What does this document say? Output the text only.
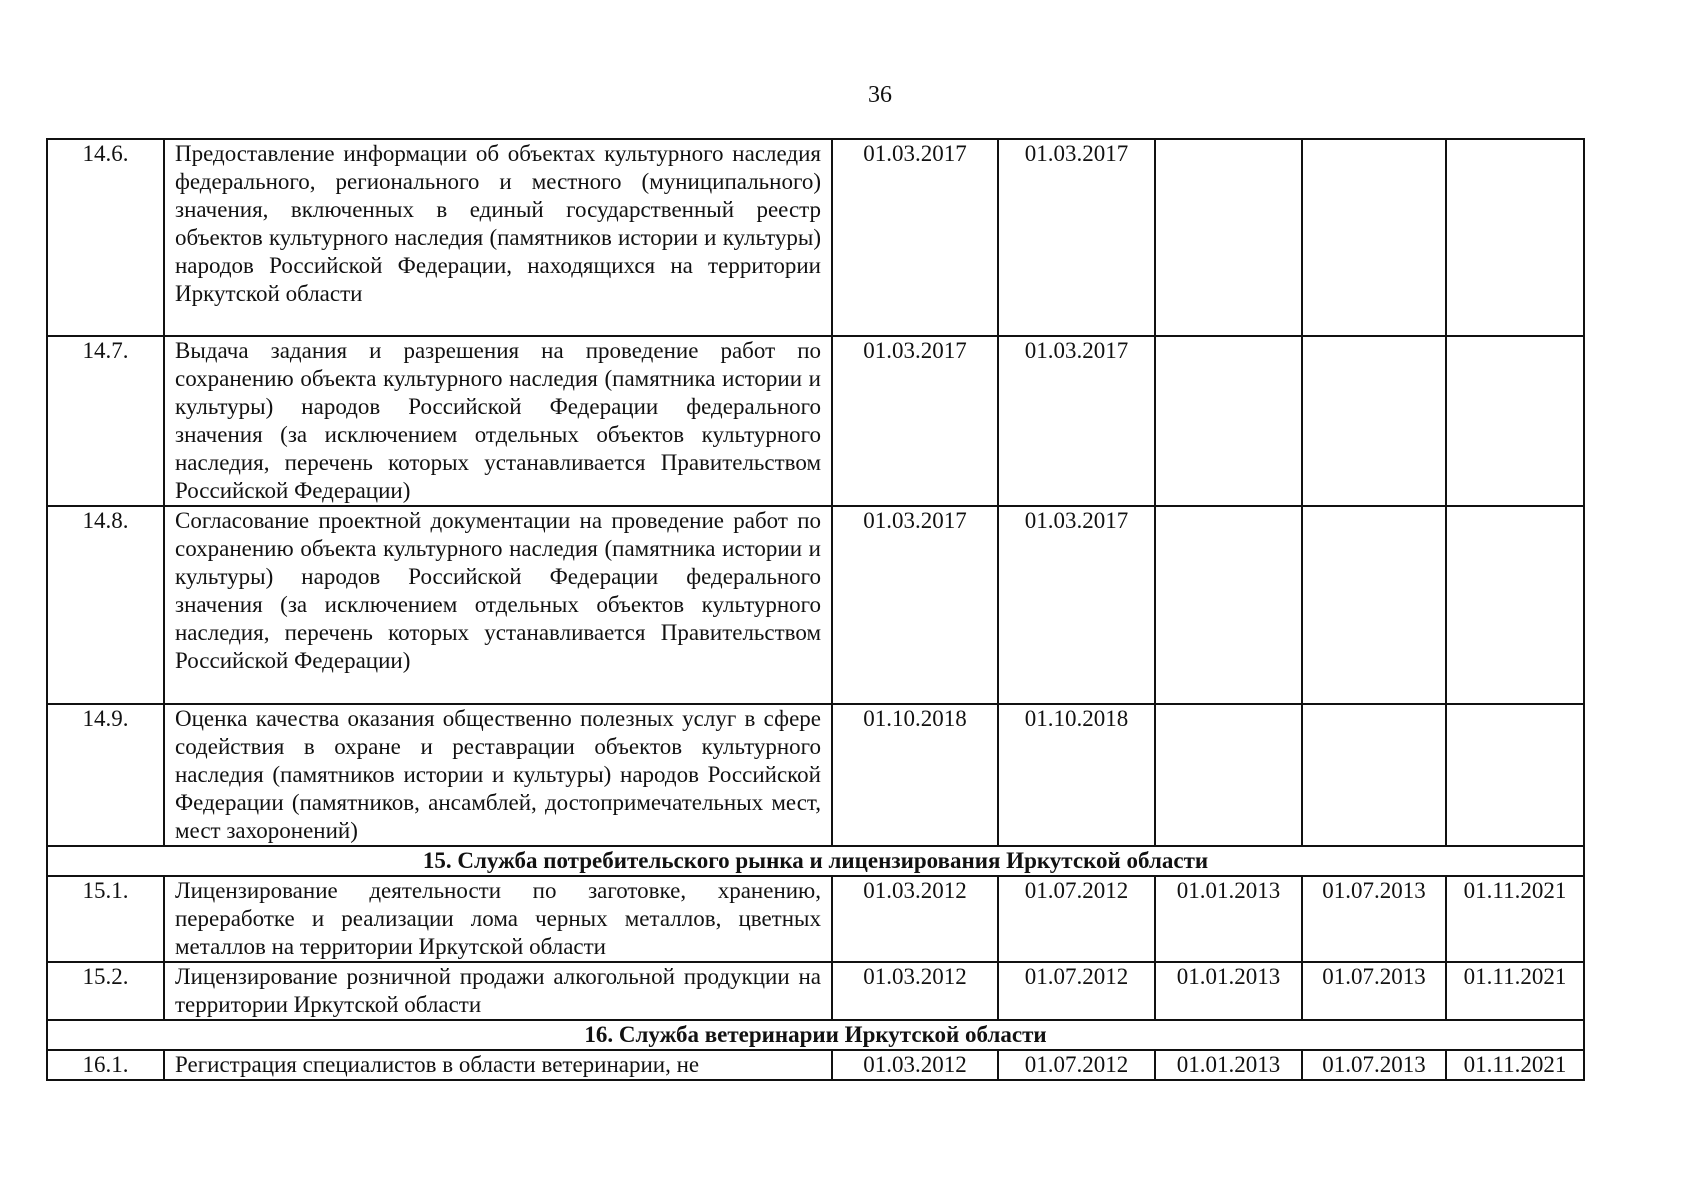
36
14.6.	Предоставление информации об объектах культурного наследия федерального, регионального и местного (муниципального) значения, включенных в единый государственный реестр объектов культурного наследия (памятников истории и культуры) народов Российской Федерации, находящихся на территории Иркутской области	01.03.2017	01.03.2017			
14.7.	Выдача задания и разрешения на проведение работ по сохранению объекта культурного наследия (памятника истории и культуры) народов Российской Федерации федерального значения (за исключением отдельных объектов культурного наследия, перечень которых устанавливается Правительством Российской Федерации)	01.03.2017	01.03.2017			
14.8.	Согласование проектной документации на проведение работ по сохранению объекта культурного наследия (памятника истории и культуры) народов Российской Федерации федерального значения (за исключением отдельных объектов культурного наследия, перечень которых устанавливается Правительством Российской Федерации)	01.03.2017	01.03.2017			
14.9.	Оценка качества оказания общественно полезных услуг в сфере содействия в охране и реставрации объектов культурного наследия (памятников истории и культуры) народов Российской Федерации (памятников, ансамблей, достопримечательных мест, мест захоронений)	01.10.2018	01.10.2018			
15. Служба потребительского рынка и лицензирования Иркутской области						
15.1.	Лицензирование деятельности по заготовке, хранению, переработке и реализации лома черных металлов, цветных металлов на территории Иркутской области	01.03.2012	01.07.2012	01.01.2013	01.07.2013	01.11.2021
15.2.	Лицензирование розничной продажи алкогольной продукции на территории Иркутской области	01.03.2012	01.07.2012	01.01.2013	01.07.2013	01.11.2021
16. Служба ветеринарии Иркутской области						
16.1.	Регистрация специалистов в области ветеринарии, не	01.03.2012	01.07.2012	01.01.2013	01.07.2013	01.11.2021
